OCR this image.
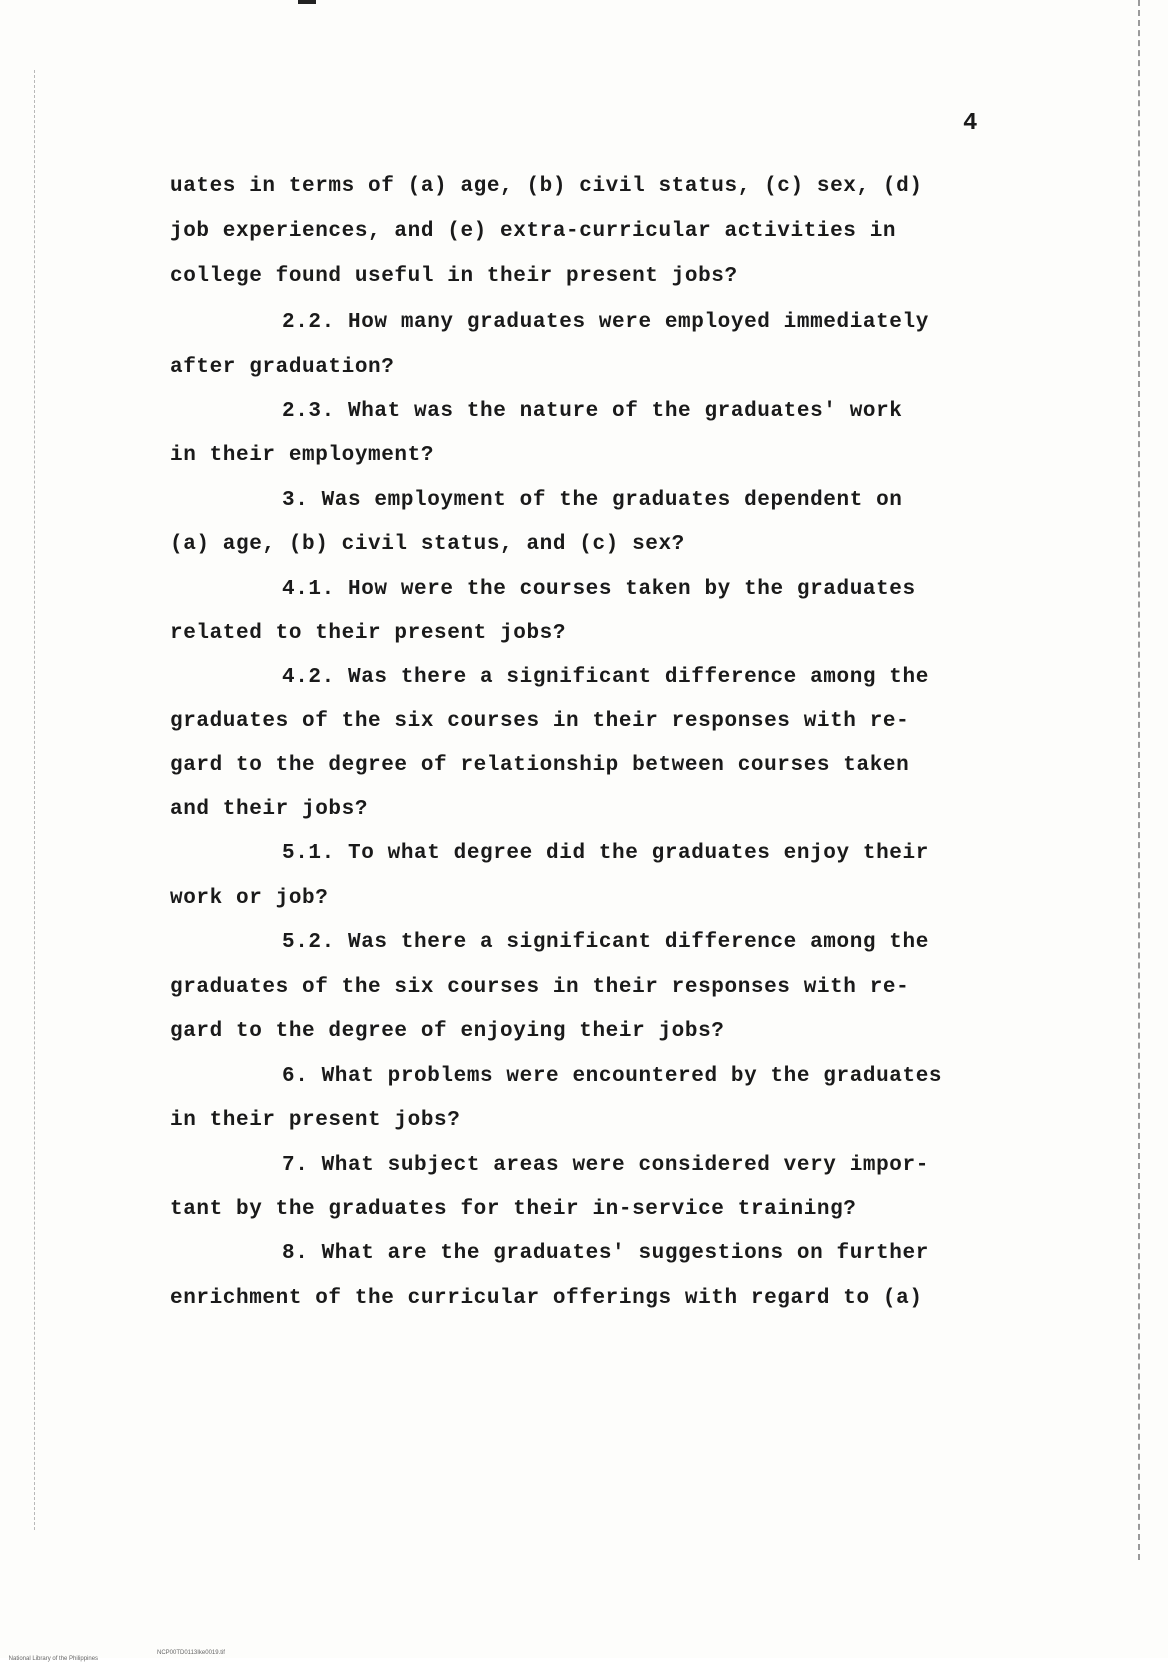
4
uates in terms of (a) age, (b) civil status, (c) sex, (d)
job experiences, and (e) extra-curricular activities in
college found useful in their present jobs?
2.2. How many graduates were employed immediately
after graduation?
2.3. What was the nature of the graduates' work
in their employment?
3. Was employment of the graduates dependent on
(a) age, (b) civil status, and (c) sex?
4.1. How were the courses taken by the graduates
related to their present jobs?
4.2. Was there a significant difference among the
graduates of the six courses in their responses with re-
gard to the degree of relationship between courses taken
and their jobs?
5.1. To what degree did the graduates enjoy their
work or job?
5.2. Was there a significant difference among the
graduates of the six courses in their responses with re-
gard to the degree of enjoying their jobs?
6. What problems were encountered by the graduates
in their present jobs?
7. What subject areas were considered very impor-
tant by the graduates for their in-service training?
8. What are the graduates' suggestions on further
enrichment of the curricular offerings with regard to (a)

National Library of the Philippines

NCP00TD0113Ike0019.tif
